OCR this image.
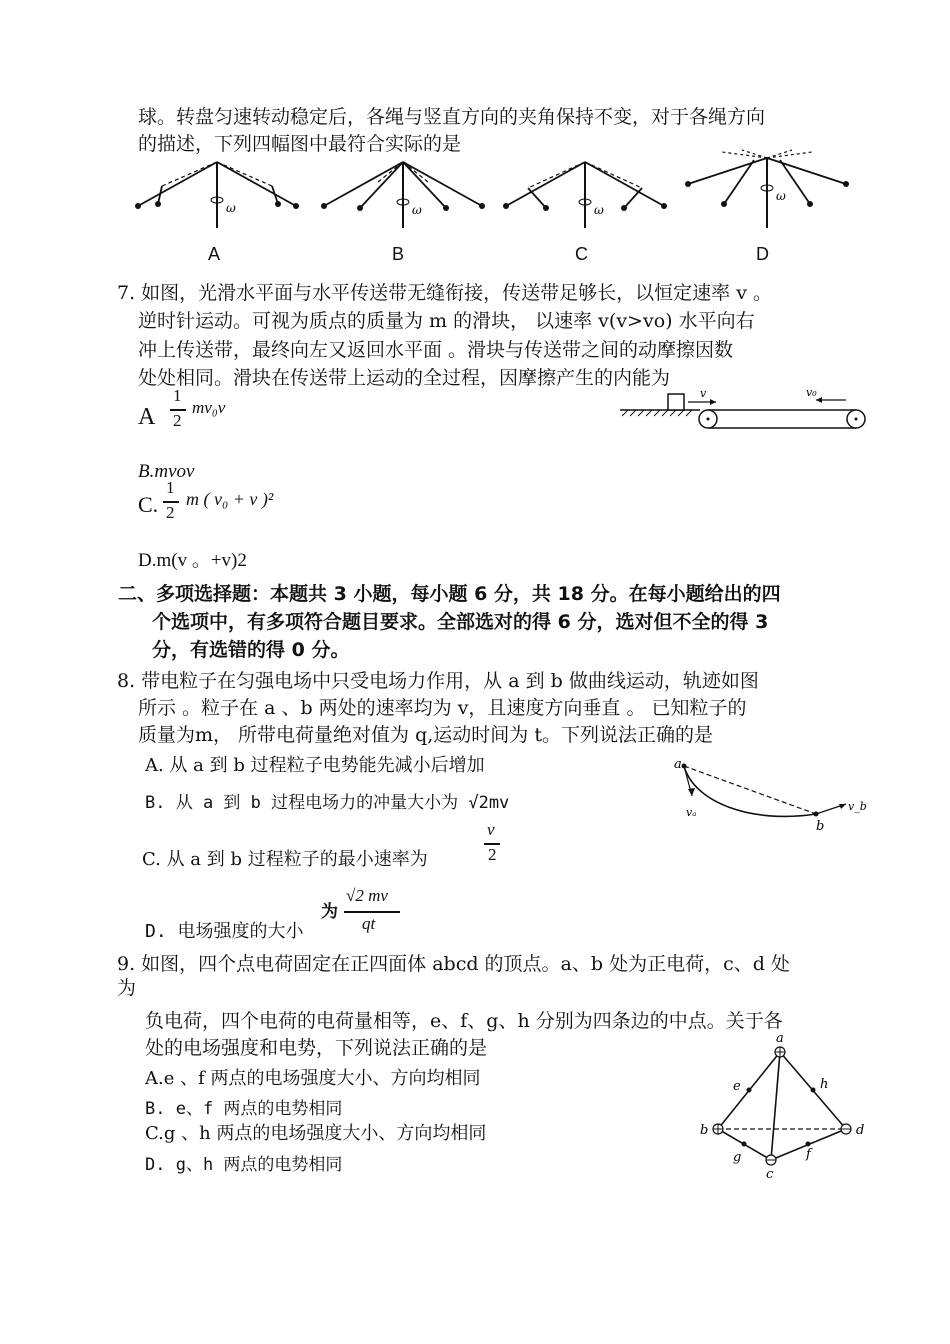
球。转盘匀速转动稳定后，各绳与竖直方向的夹角保持不变，对于各绳方向
的描述，下列四幅图中最符合实际的是
ω	ω	ω
ω
A	B	C	D
7. 如图，光滑水平面与水平传送带无缝衔接，传送带足够长，以恒定速率 v 。
逆时针运动。可视为质点的质量为 m 的滑块， 以速率 v(v>vo) 水平向右
冲上传送带，最终向左又返回水平面 。滑块与传送带之间的动摩擦因数
处处相同。滑块在传送带上运动的全过程，因摩擦产生的内能为
v	v₀
A
1
2
mv₀v
B.mvov
C.
1
2
m ( v₀ + v )²
D.m(v 。+v)2
二、多项选择题：本题共 3 小题，每小题 6 分，共 18 分。在每小题给出的四
个选项中，有多项符合题目要求。全部选对的得 6 分，选对但不全的得 3
分，有选错的得 0 分。
8. 带电粒子在匀强电场中只受电场力作用，从 a 到 b 做曲线运动，轨迹如图
所示 。粒子在 a 、b 两处的速率均为 v，且速度方向垂直 。 已知粒子的
质量为m， 所带电荷量绝对值为 q,运动时间为 t。下列说法正确的是
A. 从 a 到 b 过程粒子电势能先减小后增加
B. 从 a 到 b 过程电场力的冲量大小为 √2mv
C. 从 a 到 b 过程粒子的最小速率为
v
2
D. 电场强度的大小
为
√2 mv
qt
a
b
vₐ	v_b
9. 如图，四个点电荷固定在正四面体 abcd 的顶点。a、b 处为正电荷，c、d 处
为
负电荷，四个电荷的电荷量相等，e、f、g、h 分别为四条边的中点。关于各
处的电场强度和电势，下列说法正确的是
A.e 、f 两点的电场强度大小、方向均相同
B. e、f 两点的电势相同
C.g 、h 两点的电场强度大小、方向均相同
D. g、h 两点的电势相同
a
b
c
d
e
f
g
h
